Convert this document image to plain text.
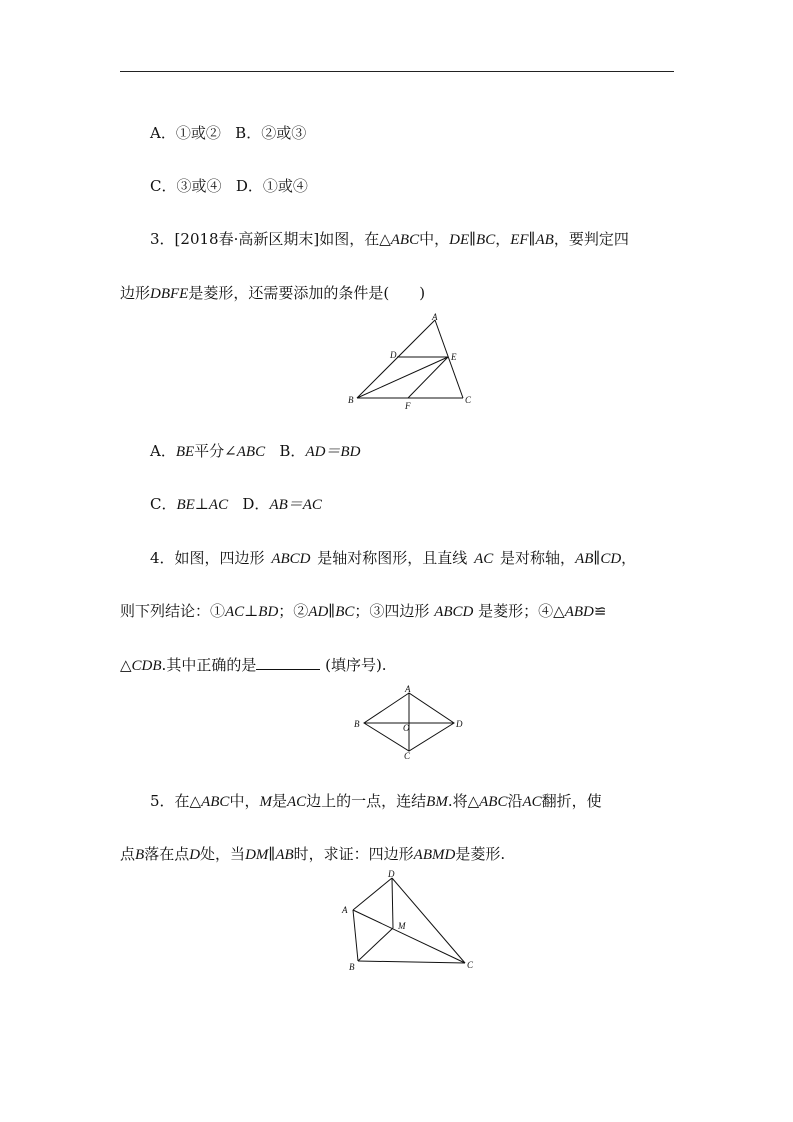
A．①或② B．②或③
C．③或④ D．①或④
3．[2018春·高新区期末]如图，在△ABC中，DE∥BC，EF∥AB，要判定四
边形DBFE是菱形，还需要添加的条件是(　　)
A
B	C
D	E
F
A．BE平分∠ABC B．AD＝BD
C．BE⊥AC D．AB＝AC
4．如图，四边形 ABCD 是轴对称图形，且直线 AC 是对称轴，AB∥CD，
则下列结论：①AC⊥BD；②AD∥BC；③四边形 ABCD 是菱形；④△ABD≌
△CDB.其中正确的是	(填序号).
A
B
C
D
O
5．在△ABC中，M是AC边上的一点，连结BM.将△ABC沿AC翻折，使
点B落在点D处，当DM∥AB时，求证：四边形ABMD是菱形.
D
A
B	C
M
